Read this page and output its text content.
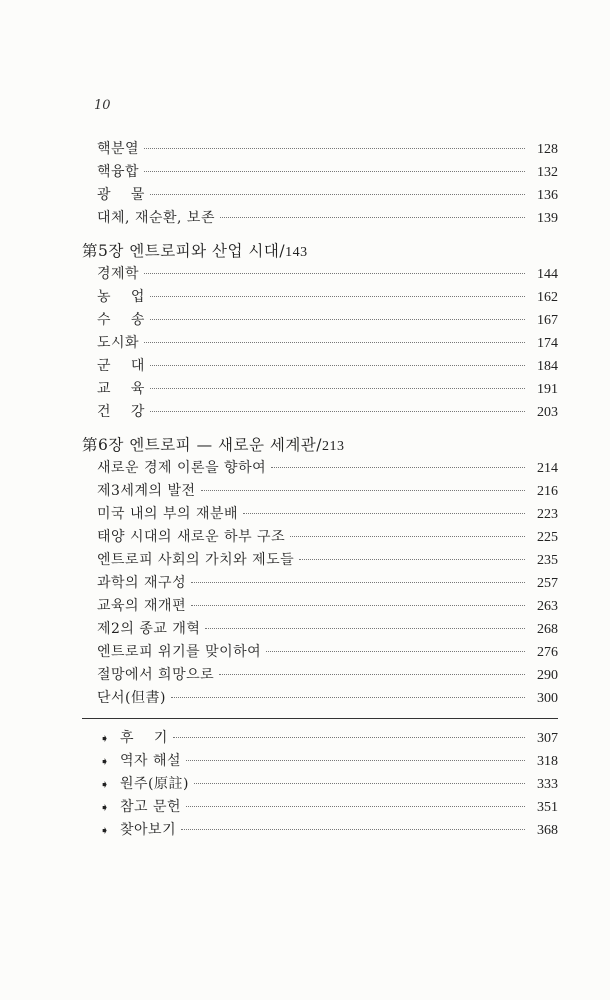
10
핵분열	128
핵융합	132
광    물	136
대체, 재순환, 보존	139
第5장 엔트로피와 산업 시대/143
경제학	144
농    업	162
수    송	167
도시화	174
군    대	184
교    육	191
건    강	203
第6장 엔트로피 — 새로운 세계관/213
새로운 경제 이론을 향하여	214
제3세계의 발전	216
미국 내의 부의 재분배	223
태양 시대의 새로운 하부 구조	225
엔트로피 사회의 가치와 제도들	235
과학의 재구성	257
교육의 재개편	263
제2의 종교 개혁	268
엔트로피 위기를 맞이하여	276
절망에서 희망으로	290
단서(但書)	300
➧ 후    기	307
➧ 역자 해설	318
➧ 원주(原註)	333
➧ 참고 문헌	351
➧ 찾아보기	368
